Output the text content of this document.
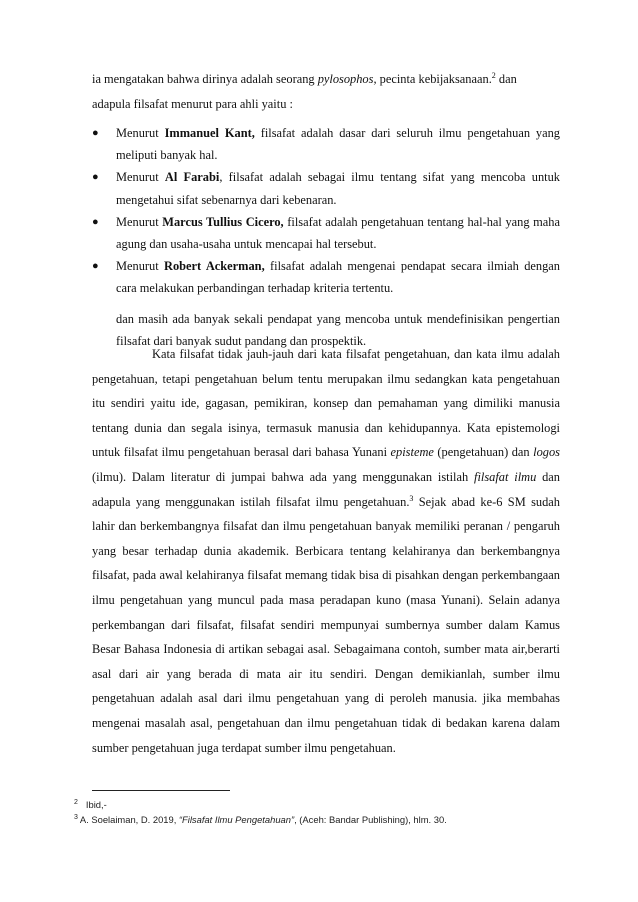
ia mengatakan bahwa dirinya adalah seorang pylosophos, pecinta kebijaksanaan.$^2$ dan
adapula filsafat menurut para ahli yaitu :
● Menurut Immanuel Kant, filsafat adalah dasar dari seluruh ilmu pengetahuan yang meliputi banyak hal.
● Menurut Al Farabi, filsafat adalah sebagai ilmu tentang sifat yang mencoba untuk mengetahui sifat sebenarnya dari kebenaran.
● Menurut Marcus Tullius Cicero, filsafat adalah pengetahuan tentang hal-hal yang maha agung dan usaha-usaha untuk mencapai hal tersebut.
● Menurut Robert Ackerman, filsafat adalah mengenai pendapat secara ilmiah dengan cara melakukan perbandingan terhadap kriteria tertentu.
dan masih ada banyak sekali pendapat yang mencoba untuk mendefinisikan pengertian filsafat dari banyak sudut pandang dan prospektik.
Kata filsafat tidak jauh-jauh dari kata filsafat pengetahuan, dan kata ilmu adalah pengetahuan, tetapi pengetahuan belum tentu merupakan ilmu sedangkan kata pengetahuan itu sendiri yaitu ide, gagasan, pemikiran, konsep dan pemahaman yang dimiliki manusia tentang dunia dan segala isinya, termasuk manusia dan kehidupannya. Kata epistemologi untuk filsafat ilmu pengetahuan berasal dari bahasa Yunani episteme (pengetahuan) dan logos (ilmu). Dalam literatur di jumpai bahwa ada yang menggunakan istilah filsafat ilmu dan adapula yang menggunakan istilah filsafat ilmu pengetahuan.$^3$ Sejak abad ke-6 SM sudah lahir dan berkembangnya filsafat dan ilmu pengetahuan banyak memiliki peranan / pengaruh yang besar terhadap dunia akademik. Berbicara tentang kelahiranya dan berkembangnya filsafat, pada awal kelahiranya filsafat memang tidak bisa di pisahkan dengan perkembangaan ilmu pengetahuan yang muncul pada masa peradapan kuno (masa Yunani). Selain adanya perkembangan dari filsafat, filsafat sendiri mempunyai sumbernya sumber dalam Kamus Besar Bahasa Indonesia di artikan sebagai asal. Sebagaimana contoh, sumber mata air,berarti asal dari air yang berada di mata air itu sendiri. Dengan demikianlah, sumber ilmu pengetahuan adalah asal dari ilmu pengetahuan yang di peroleh manusia. jika membahas mengenai masalah asal, pengetahuan dan ilmu pengetahuan tidak di bedakan karena dalam sumber pengetahuan juga terdapat sumber ilmu pengetahuan.
$^2$ Ibid,-
$^3$ A. Soelaiman, D. 2019, “Filsafat Ilmu Pengetahuan”, (Aceh: Bandar Publishing), hlm. 30.
